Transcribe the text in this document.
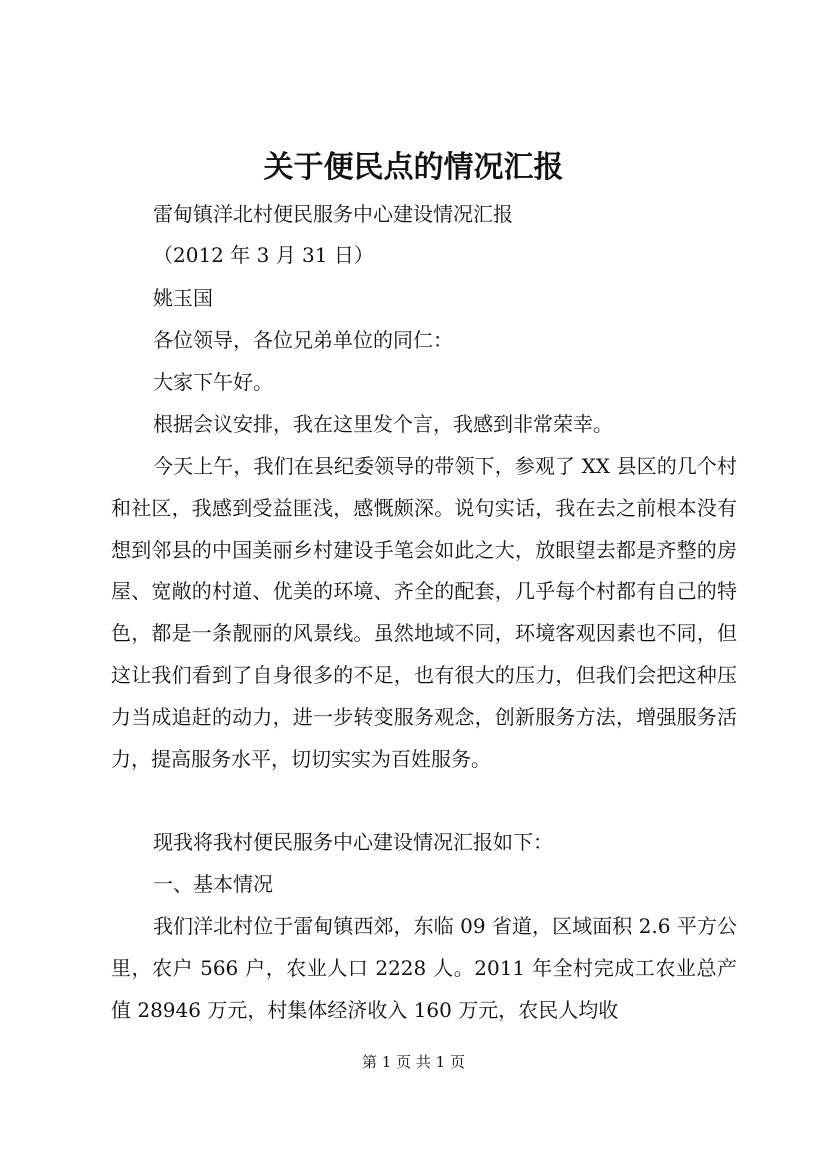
关于便民点的情况汇报
雷甸镇洋北村便民服务中心建设情况汇报
（2012 年 3 月 31 日）
姚玉国
各位领导，各位兄弟单位的同仁：
大家下午好。
根据会议安排，我在这里发个言，我感到非常荣幸。

今天上午，我们在县纪委领导的带领下，参观了 XX 县区的几个村和社区，我感到受益匪浅，感慨颇深。说句实话，我在去之前根本没有想到邻县的中国美丽乡村建设手笔会如此之大，放眼望去都是齐整的房屋、宽敞的村道、优美的环境、齐全的配套，几乎每个村都有自己的特色，都是一条靓丽的风景线。虽然地域不同，环境客观因素也不同，但这让我们看到了自身很多的不足，也有很大的压力，但我们会把这种压力当成追赶的动力，进一步转变服务观念，创新服务方法，增强服务活力，提高服务水平，切切实实为百姓服务。

现我将我村便民服务中心建设情况汇报如下：

一、基本情况

我们洋北村位于雷甸镇西郊，东临 09 省道，区域面积 2.6 平方公里，农户 566 户，农业人口 2228 人。2011 年全村完成工农业总产值 28946 万元，村集体经济收入 160 万元，农民人均收

第 1 页 共 1 页
